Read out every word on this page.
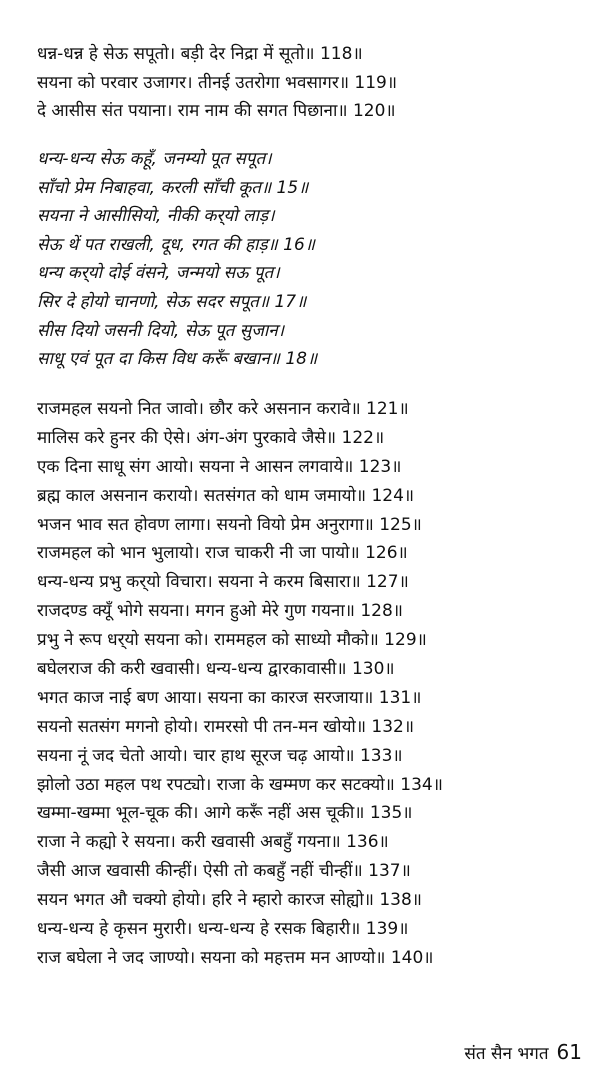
धन्न-धन्न हे सेऊ सपूतो। बड़ी देर निद्रा में सूतो॥ 118॥
सयना को परवार उजागर। तीनई उतरोगा भवसागर॥ 119॥
दे आसीस संत पयाना। राम नाम की सगत पिछाना॥ 120॥
धन्य-धन्य सेऊ कहूँ, जनम्यो पूत सपूत।
साँचो प्रेम निबाहवा, करली साँची कूत॥ 15॥
सयना ने आसीसियो, नीकी कर्‌यो लाड़।
सेऊ थें पत राखली, दूध, रगत की हाड़॥ 16॥
धन्य कर्‌यो दोई वंसने, जन्मयो सऊ पूत।
सिर दे होयो चानणो, सेऊ सदर सपूत॥ 17॥
सीस दियो जसनी दियो, सेऊ पूत सुजान।
साधू एवं पूत दा किस विध करूँ बखान॥ 18॥
राजमहल सयनो नित जावो। छौर करे असनान करावे॥ 121॥
मालिस करे हुनर की ऐसे। अंग-अंग पुरकावे जैसे॥ 122॥
एक दिना साधू संग आयो। सयना ने आसन लगवाये॥ 123॥
ब्रह्म काल असनान करायो। सतसंगत को धाम जमायो॥ 124॥
भजन भाव सत होवण लागा। सयनो वियो प्रेम अनुरागा॥ 125॥
राजमहल को भान भुलायो। राज चाकरी नी जा पायो॥ 126॥
धन्य-धन्य प्रभु कर्‌यो विचारा। सयना ने करम बिसारा॥ 127॥
राजदण्ड क्यूँ भोगे सयना। मगन हुओ मेरे गुण गयना॥ 128॥
प्रभु ने रूप धर्‌यो सयना को। राममहल को साध्यो मौको॥ 129॥
बघेलराज की करी खवासी। धन्य-धन्य द्वारकावासी॥ 130॥
भगत काज नाई बण आया। सयना का कारज सरजाया॥ 131॥
सयनो सतसंग मगनो होयो। रामरसो पी तन-मन खोयो॥ 132॥
सयना नूं जद चेतो आयो। चार हाथ सूरज चढ़ आयो॥ 133॥
झोलो उठा महल पथ रपट्यो। राजा के खम्मण कर सटक्यो॥ 134॥
खम्मा-खम्मा भूल-चूक की। आगे करूँ नहीं अस चूकी॥ 135॥
राजा ने कह्यो रे सयना। करी खवासी अबहुँ गयना॥ 136॥
जैसी आज खवासी कीन्हीं। ऐसी तो कबहुँ नहीं चीन्हीं॥ 137॥
सयन भगत औ चक्यो होयो। हरि ने म्हारो कारज सोह्यो॥ 138॥
धन्य-धन्य हे कृसन मुरारी। धन्य-धन्य हे रसक बिहारी॥ 139॥
राज बघेला ने जद जाण्यो। सयना को महत्तम मन आण्यो॥ 140॥
संत सैन भगत 61
